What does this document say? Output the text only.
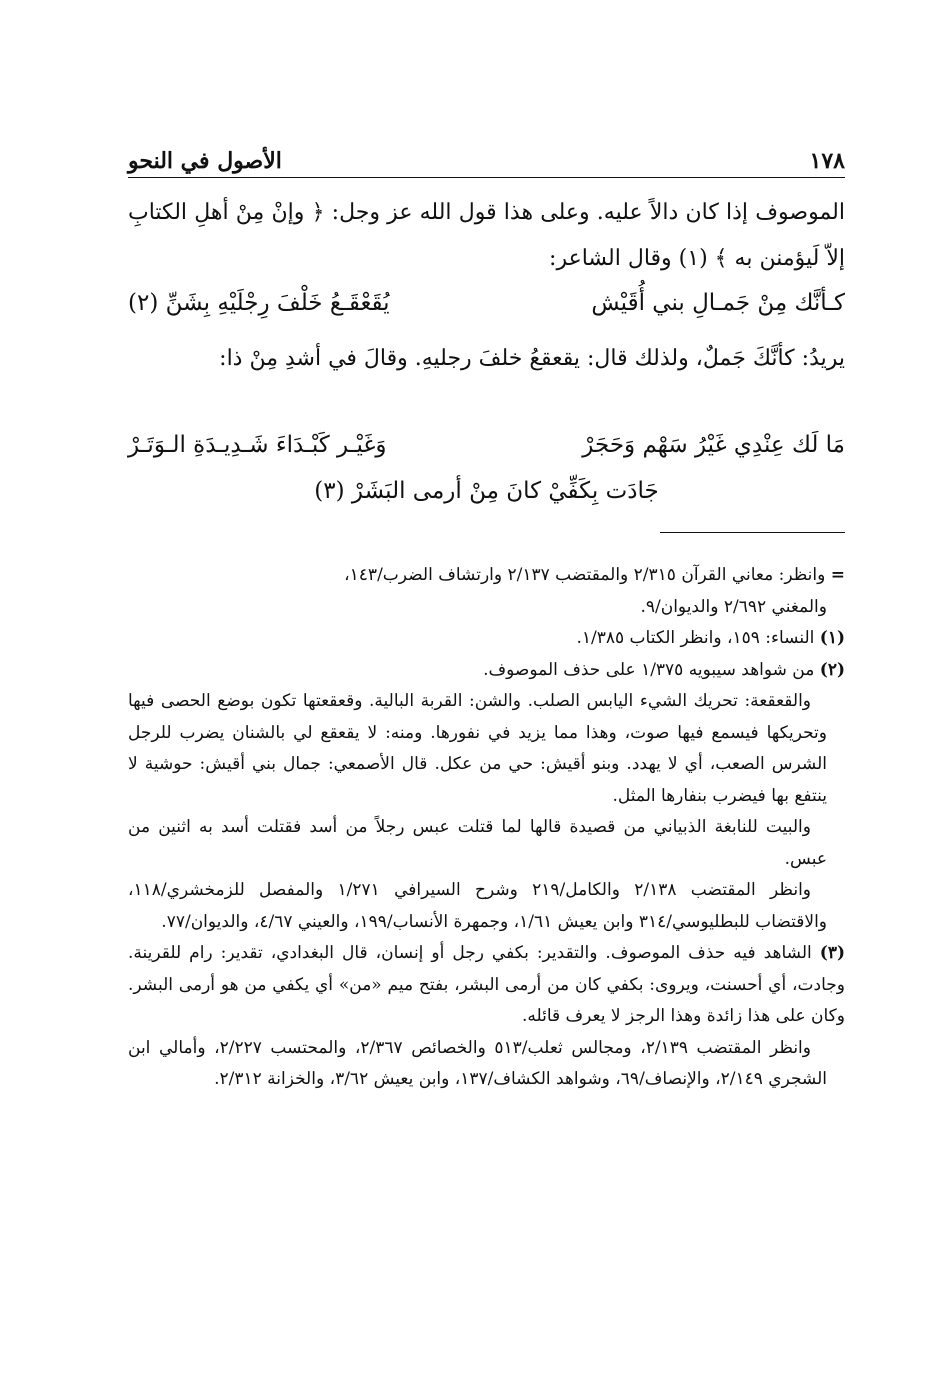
١٧٨
الأصول في النحو
الموصوف إذا كان دالاً عليه. وعلى هذا قول الله عز وجل: ﴿ وإنْ مِنْ أهلِ الكتابِ إلاّ لَيؤمنن به ﴾ (١) وقال الشاعر:
كـأنَّك مِنْ جَمـالِ بني أُقَيْش
يُقَعْقَـعُ خَلْفَ رِجْلَيْهِ بِشَنِّ (٢)
يريدُ: كأنَّكَ جَملٌ، ولذلك قال: يقعقعُ خلفَ رجليهِ. وقالَ في أشدِ مِنْ ذا:
مَا لَك عِنْدِي غَيْرُ سَهْم وَحَجَرْ
وَغَيْـر كَبْـدَاءَ شَـدِيـدَةِ الـوَتَـرْ
جَادَت بِكَفِّيْ كانَ مِنْ أرمى البَشَرْ (٣)

= وانظر: معاني القرآن ٢/٣١٥ والمقتضب ٢/١٣٧ وارتشاف الضرب/١٤٣،

والمغني ٢/٦٩٢ والديوان/٩.

(١) النساء: ١٥٩، وانظر الكتاب ١/٣٨٥.

(٢) من شواهد سيبويه ١/٣٧٥ على حذف الموصوف.

والقعقعة: تحريك الشيء اليابس الصلب. والشن: القربة البالية. وقعقعتها تكون بوضع الحصى فيها وتحريكها فيسمع فيها صوت، وهذا مما يزيد في نفورها. ومنه: لا يقعقع لي بالشنان يضرب للرجل الشرس الصعب، أي لا يهدد. وبنو أقيش: حي من عكل. قال الأصمعي: جمال بني أقيش: حوشية لا ينتفع بها فيضرب بنفارها المثل.

والبيت للنابغة الذبياني من قصيدة قالها لما قتلت عبس رجلاً من أسد فقتلت أسد به اثنين من عبس.

وانظر المقتضب ٢/١٣٨ والكامل/٢١٩ وشرح السيرافي ١/٢٧١ والمفصل للزمخشري/١١٨، والاقتضاب للبطليوسي/٣١٤ وابن يعيش ١/٦١، وجمهرة الأنساب/١٩٩، والعيني ٤/٦٧، والديوان/٧٧.

(٣) الشاهد فيه حذف الموصوف. والتقدير: بكفي رجل أو إنسان، قال البغدادي، تقدير: رام للقرينة. وجادت، أي أحسنت، ويروى: بكفي كان من أرمى البشر، بفتح ميم «من» أي يكفي من هو أرمى البشر. وكان على هذا زائدة وهذا الرجز لا يعرف قائله.

وانظر المقتضب ٢/١٣٩، ومجالس ثعلب/٥١٣ والخصائص ٢/٣٦٧، والمحتسب ٢/٢٢٧، وأمالي ابن الشجري ٢/١٤٩، والإنصاف/٦٩، وشواهد الكشاف/١٣٧، وابن يعيش ٣/٦٢، والخزانة ٢/٣١٢.
